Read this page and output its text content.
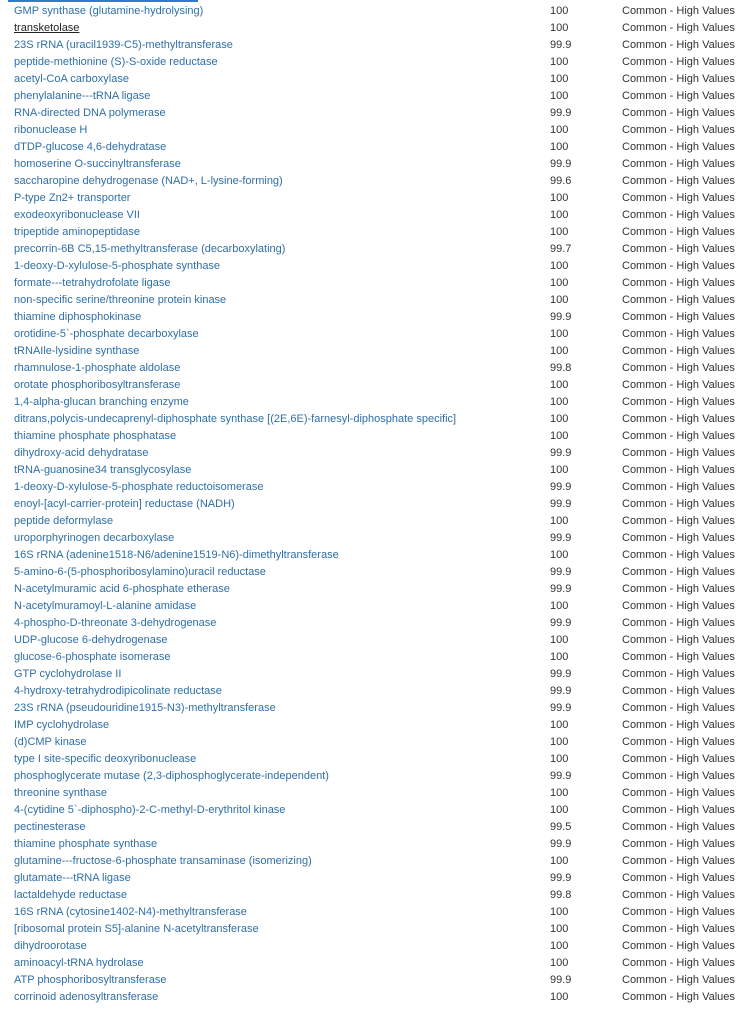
GMP synthase (glutamine-hydrolysing)	100	Common - High Values
transketolase	100	Common - High Values
23S rRNA (uracil1939-C5)-methyltransferase	99.9	Common - High Values
peptide-methionine (S)-S-oxide reductase	100	Common - High Values
acetyl-CoA carboxylase	100	Common - High Values
phenylalanine---tRNA ligase	100	Common - High Values
RNA-directed DNA polymerase	99.9	Common - High Values
ribonuclease H	100	Common - High Values
dTDP-glucose 4,6-dehydratase	100	Common - High Values
homoserine O-succinyltransferase	99.9	Common - High Values
saccharopine dehydrogenase (NAD+, L-lysine-forming)	99.6	Common - High Values
P-type Zn2+ transporter	100	Common - High Values
exodeoxyribonuclease VII	100	Common - High Values
tripeptide aminopeptidase	100	Common - High Values
precorrin-6B C5,15-methyltransferase (decarboxylating)	99.7	Common - High Values
1-deoxy-D-xylulose-5-phosphate synthase	100	Common - High Values
formate---tetrahydrofolate ligase	100	Common - High Values
non-specific serine/threonine protein kinase	100	Common - High Values
thiamine diphosphokinase	99.9	Common - High Values
orotidine-5`-phosphate decarboxylase	100	Common - High Values
tRNAIle-lysidine synthase	100	Common - High Values
rhamnulose-1-phosphate aldolase	99.8	Common - High Values
orotate phosphoribosyltransferase	100	Common - High Values
1,4-alpha-glucan branching enzyme	100	Common - High Values
ditrans,polycis-undecaprenyl-diphosphate synthase [(2E,6E)-farnesyl-diphosphate specific]	100	Common - High Values
thiamine phosphate phosphatase	100	Common - High Values
dihydroxy-acid dehydratase	99.9	Common - High Values
tRNA-guanosine34 transglycosylase	100	Common - High Values
1-deoxy-D-xylulose-5-phosphate reductoisomerase	99.9	Common - High Values
enoyl-[acyl-carrier-protein] reductase (NADH)	99.9	Common - High Values
peptide deformylase	100	Common - High Values
uroporphyrinogen decarboxylase	99.9	Common - High Values
16S rRNA (adenine1518-N6/adenine1519-N6)-dimethyltransferase	100	Common - High Values
5-amino-6-(5-phosphoribosylamino)uracil reductase	99.9	Common - High Values
N-acetylmuramic acid 6-phosphate etherase	99.9	Common - High Values
N-acetylmuramoyl-L-alanine amidase	100	Common - High Values
4-phospho-D-threonate 3-dehydrogenase	99.9	Common - High Values
UDP-glucose 6-dehydrogenase	100	Common - High Values
glucose-6-phosphate isomerase	100	Common - High Values
GTP cyclohydrolase II	99.9	Common - High Values
4-hydroxy-tetrahydrodipicolinate reductase	99.9	Common - High Values
23S rRNA (pseudouridine1915-N3)-methyltransferase	99.9	Common - High Values
IMP cyclohydrolase	100	Common - High Values
(d)CMP kinase	100	Common - High Values
type I site-specific deoxyribonuclease	100	Common - High Values
phosphoglycerate mutase (2,3-diphosphoglycerate-independent)	99.9	Common - High Values
threonine synthase	100	Common - High Values
4-(cytidine 5`-diphospho)-2-C-methyl-D-erythritol kinase	100	Common - High Values
pectinesterase	99.5	Common - High Values
thiamine phosphate synthase	99.9	Common - High Values
glutamine---fructose-6-phosphate transaminase (isomerizing)	100	Common - High Values
glutamate---tRNA ligase	99.9	Common - High Values
lactaldehyde reductase	99.8	Common - High Values
16S rRNA (cytosine1402-N4)-methyltransferase	100	Common - High Values
[ribosomal protein S5]-alanine N-acetyltransferase	100	Common - High Values
dihydroorotase	100	Common - High Values
aminoacyl-tRNA hydrolase	100	Common - High Values
ATP phosphoribosyltransferase	99.9	Common - High Values
corrinoid adenosyltransferase	100	Common - High Values
